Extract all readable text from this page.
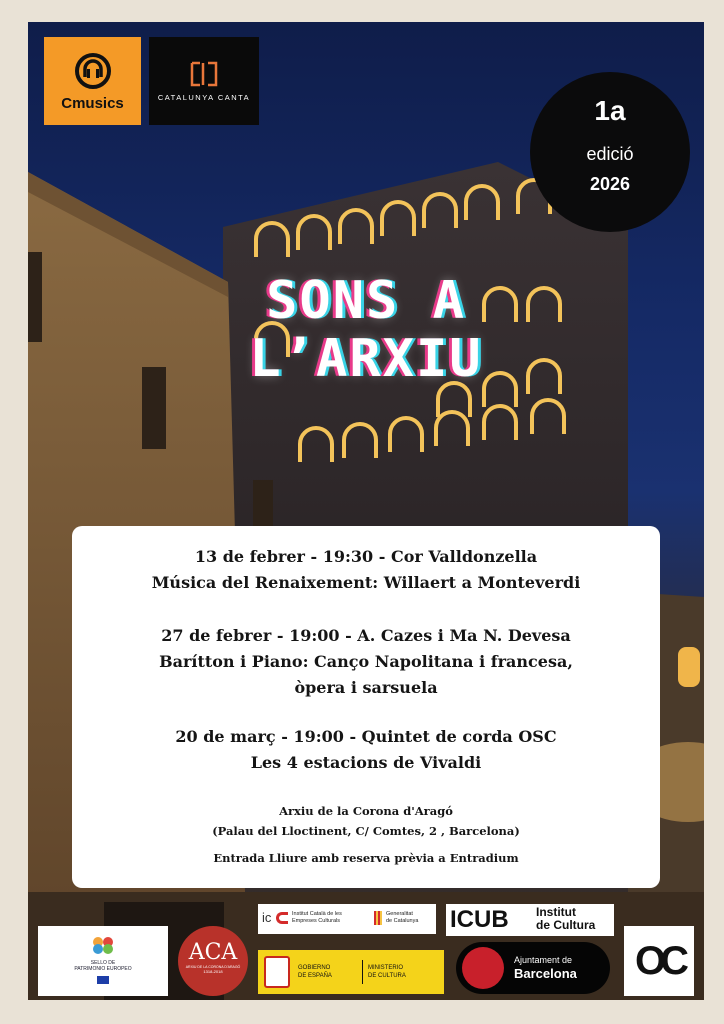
Cmusics	CATALUNYA CANTA	1a
edició
2026
SONS A
L’ARXIU
13 de febrer - 19:30 - Cor Valldonzella
Música del Renaixement: Willaert a Monteverdi
27 de febrer - 19:00 - A. Cazes i Ma N. Devesa
Barítton i Piano: Canço Napolitana i francesa,
òpera i sarsuela
20 de març - 19:00 - Quintet de corda OSC
Les 4 estacions de Vivaldi
Arxiu de la Corona d'Aragó
(Palau del Lloctinent, C/ Comtes, 2 , Barcelona)
Entrada Lliure amb reserva prèvia a Entradium
SELLO DE
PATRIMONIO EUROPEO
ACA
ARXIU DE LA CORONA D'ARAGÓ
1318-2018
ic	Institut Català de les
Empreses Culturals
Generalitat
de Catalunya
GOBIERNO
DE ESPAÑA
MINISTERIO
DE CULTURA
ICUB Institut
de Cultura
Ajuntament de
Barcelona OC
